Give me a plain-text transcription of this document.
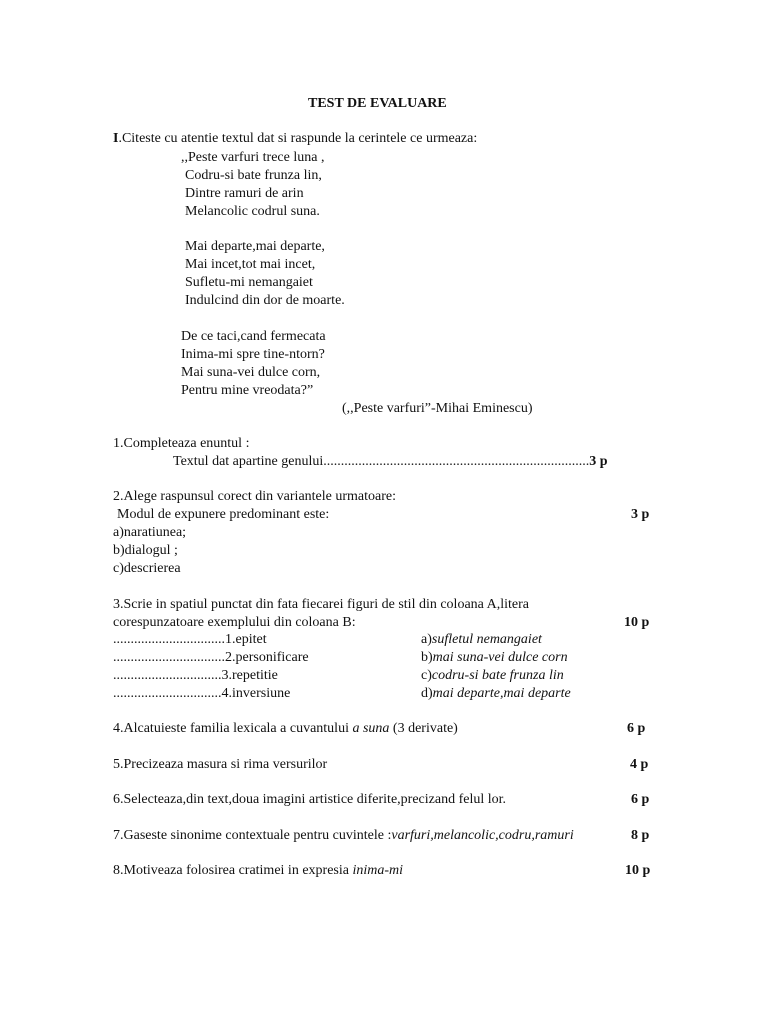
TEST DE EVALUARE
I.Citeste cu atentie textul dat si raspunde la cerintele ce urmeaza:
,,Peste varfuri trece luna ,
Codru-si bate frunza lin,
Dintre ramuri de arin
Melancolic codrul suna.
Mai departe,mai departe,
Mai incet,tot mai incet,
Sufletu-mi nemangaiet
Indulcind din dor de moarte.
De ce taci,cand fermecata
Inima-mi spre tine-ntorn?
Mai suna-vei dulce corn,
Pentru mine vreodata?”
(,,Peste varfuri”-Mihai Eminescu)
1.Completeaza enuntul :
Textul dat apartine genului............................................................................3 p
2.Alege raspunsul corect din variantele urmatoare:
Modul de expunere predominant este:	3 p
a)naratiunea;
b)dialogul ;
c)descrierea
3.Scrie in spatiul punctat din fata fiecarei figuri de stil din coloana A,litera
corespunzatoare exemplului din coloana B:	10 p
................................1.epitet	a)sufletul nemangaiet
................................2.personificare	b)mai suna-vei dulce corn
...............................3.repetitie	c)codru-si bate frunza lin
...............................4.inversiune	d)mai departe,mai departe
4.Alcatuieste familia lexicala a cuvantului a suna (3 derivate)	6 p
5.Precizeaza masura si rima versurilor	4 p
6.Selecteaza,din text,doua imagini artistice diferite,precizand felul lor.	6 p
7.Gaseste sinonime contextuale pentru cuvintele :varfuri,melancolic,codru,ramuri	8 p
8.Motiveaza folosirea cratimei in expresia inima-mi	10 p
